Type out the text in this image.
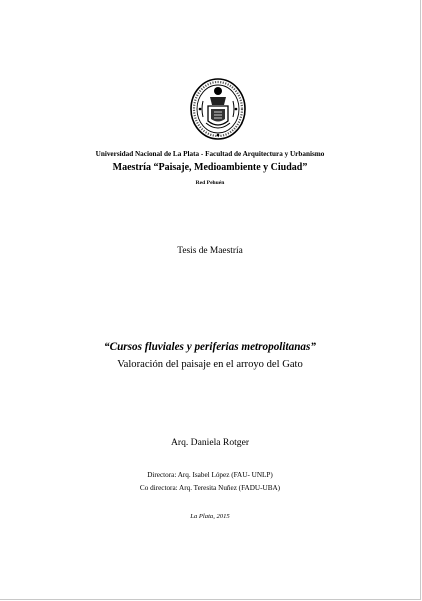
Universidad Nacional de La Plata - Facultad de Arquitectura y Urbanismo
Maestría “Paisaje, Medioambiente y Ciudad”
Red Pehuén
Tesis de Maestría
“Cursos fluviales y periferias metropolitanas”
Valoración del paisaje en el arroyo del Gato
Arq. Daniela Rotger
Directora: Arq. Isabel López (FAU- UNLP)
Co directora: Arq. Teresita Nuñez (FADU-UBA)
La Plata, 2015
